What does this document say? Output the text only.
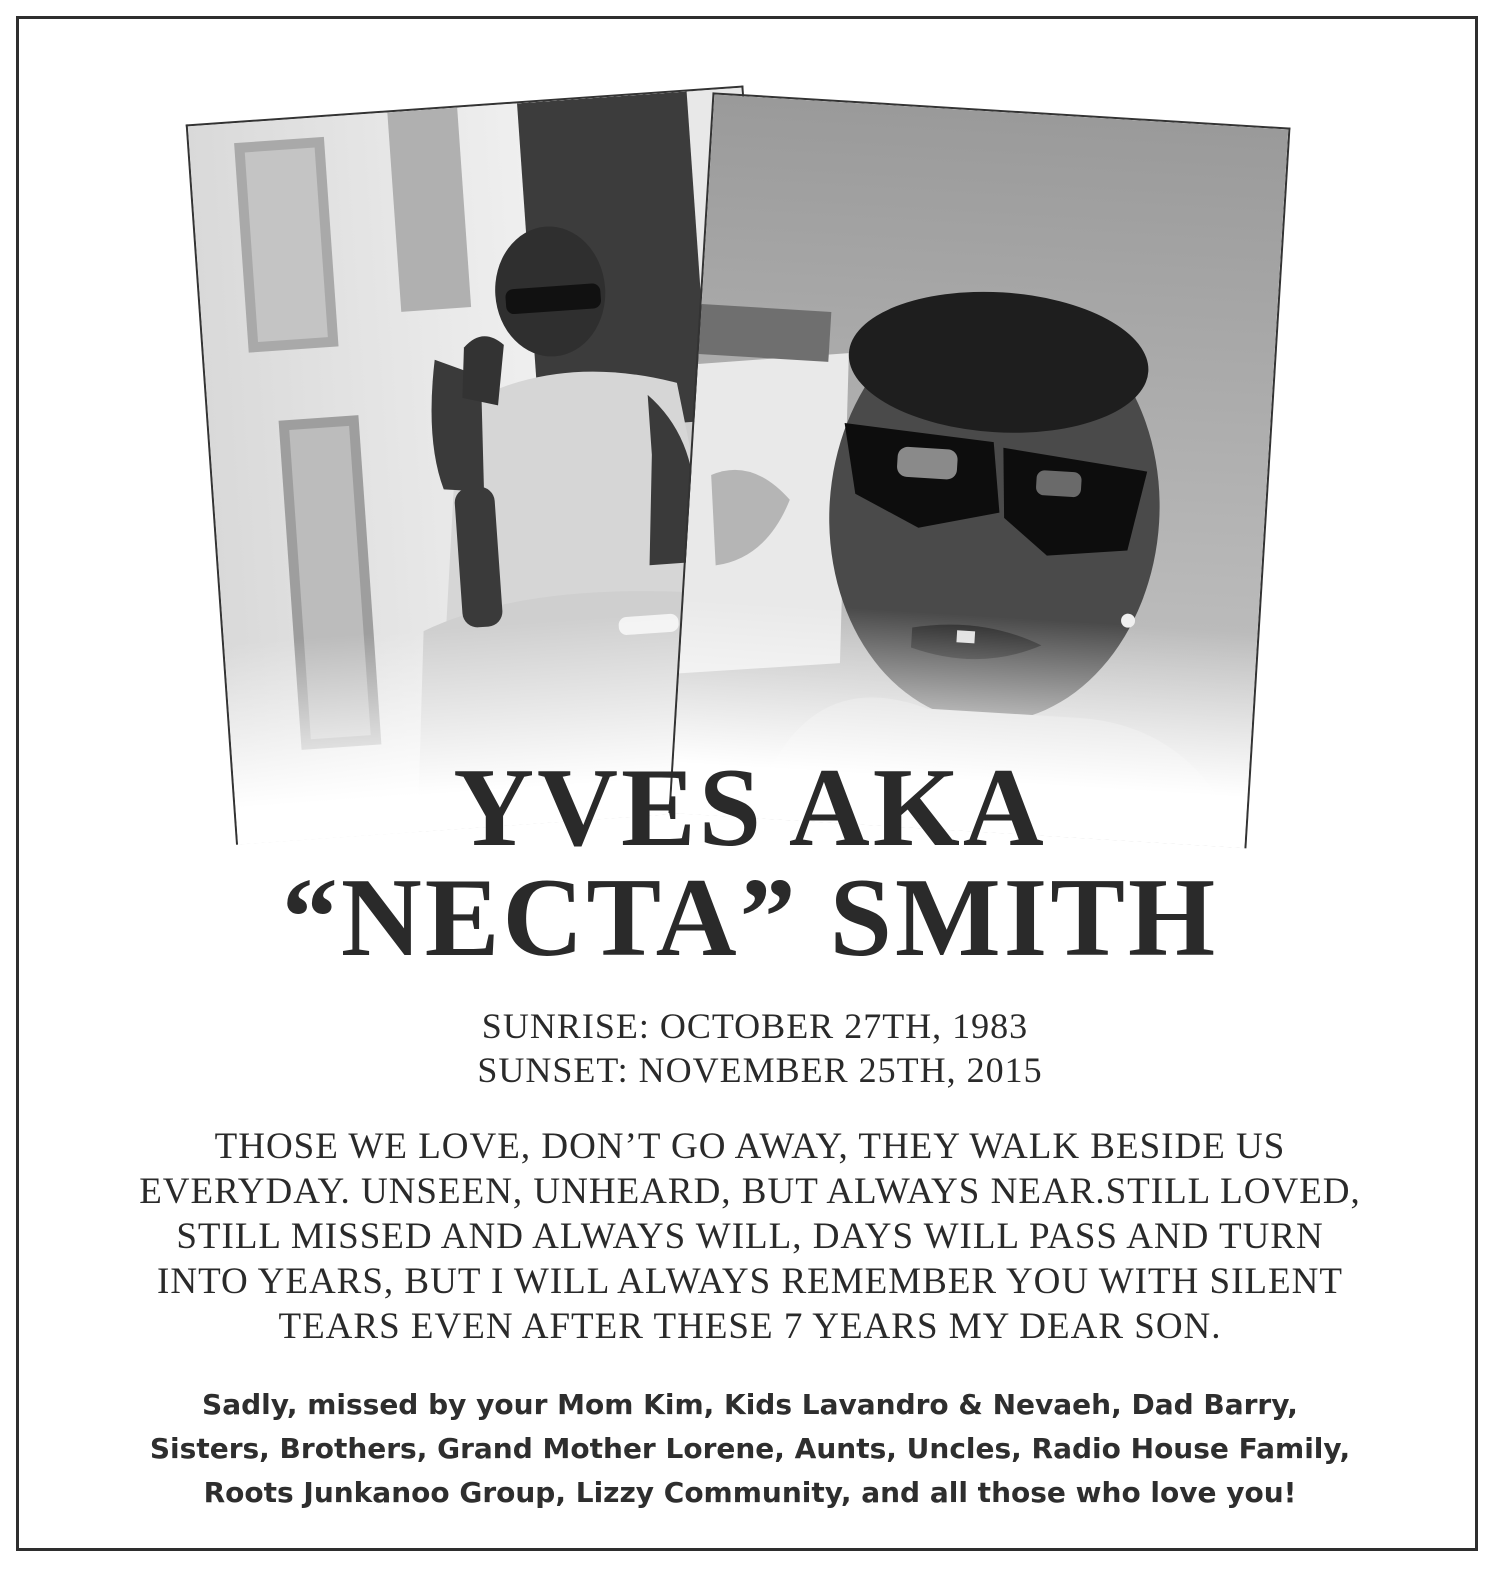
YVES AKA
“NECTA” SMITH
SUNRISE: OCTOBER 27TH, 1983
SUNSET: NOVEMBER 25TH, 2015
THOSE WE LOVE, DON’T GO AWAY, THEY WALK BESIDE US
EVERYDAY. UNSEEN, UNHEARD, BUT ALWAYS NEAR.STILL LOVED,
STILL MISSED AND ALWAYS WILL, DAYS WILL PASS AND TURN
INTO YEARS, BUT I WILL ALWAYS REMEMBER YOU WITH SILENT
TEARS EVEN AFTER THESE 7 YEARS MY DEAR SON.
Sadly, missed by your Mom Kim, Kids Lavandro & Nevaeh, Dad Barry,
Sisters, Brothers, Grand Mother Lorene, Aunts, Uncles, Radio House Family,
Roots Junkanoo Group, Lizzy Community, and all those who love you!
